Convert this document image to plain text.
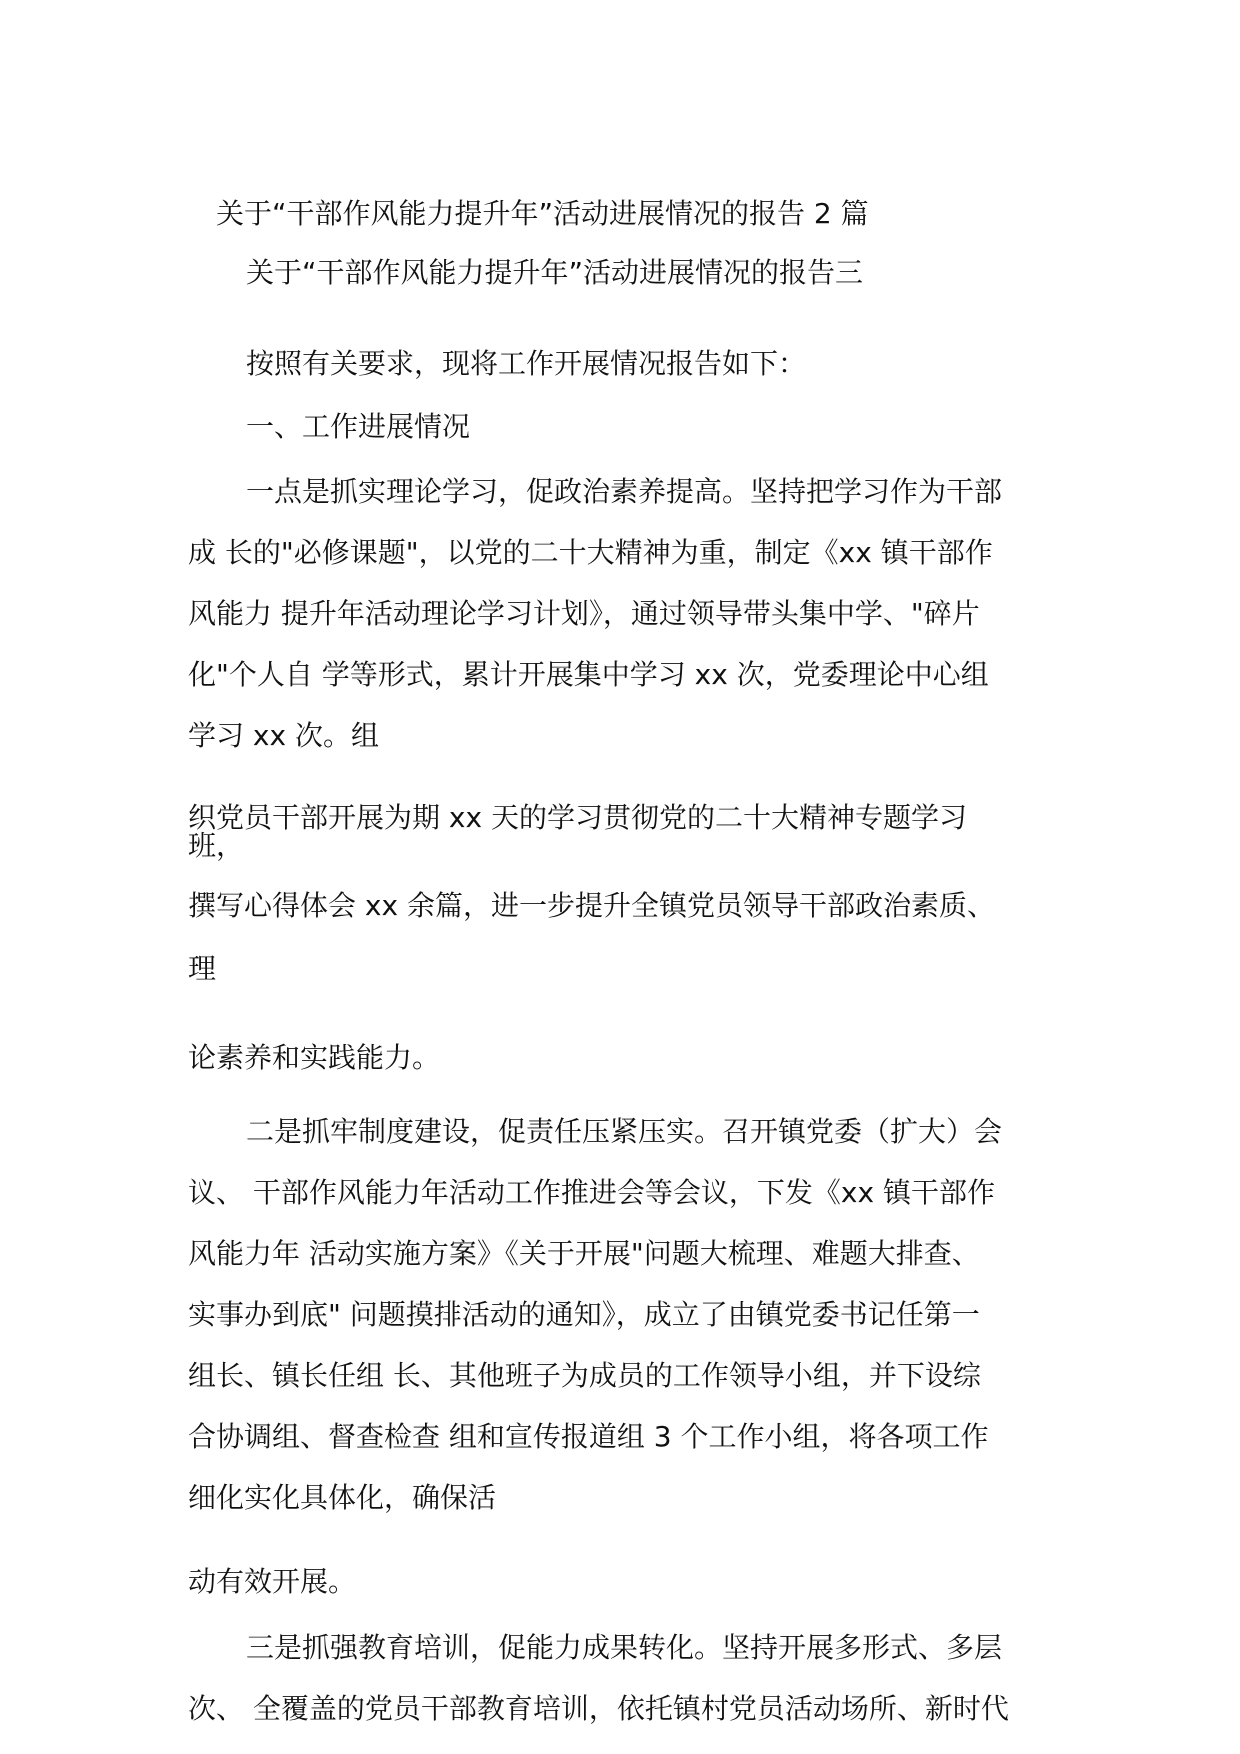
关于“干部作风能力提升年”活动进展情况的报告 2 篇
关于“干部作风能力提升年”活动进展情况的报告三
按照有关要求，现将工作开展情况报告如下：
一、工作进展情况
一点是抓实理论学习，促政治素养提高。坚持把学习作为干部
成 长的"必修课题"，以党的二十大精神为重，制定《xx 镇干部作
风能力 提升年活动理论学习计划》，通过领导带头集中学、"碎片
化"个人自 学等形式，累计开展集中学习 xx 次，党委理论中心组
学习 xx 次。组
织党员干部开展为期 xx 天的学习贯彻党的二十大精神专题学习
班，
撰写心得体会 xx 余篇，进一步提升全镇党员领导干部政治素质、
理
论素养和实践能力。
二是抓牢制度建设，促责任压紧压实。召开镇党委（扩大）会
议、 干部作风能力年活动工作推进会等会议，下发《xx 镇干部作
风能力年 活动实施方案》《关于开展"问题大梳理、难题大排查、
实事办到底" 问题摸排活动的通知》，成立了由镇党委书记任第一
组长、镇长任组 长、其他班子为成员的工作领导小组，并下设综
合协调组、督查检查 组和宣传报道组 3 个工作小组，将各项工作
细化实化具体化，确保活
动有效开展。
三是抓强教育培训，促能力成果转化。坚持开展多形式、多层
次、 全覆盖的党员干部教育培训，依托镇村党员活动场所、新时代
